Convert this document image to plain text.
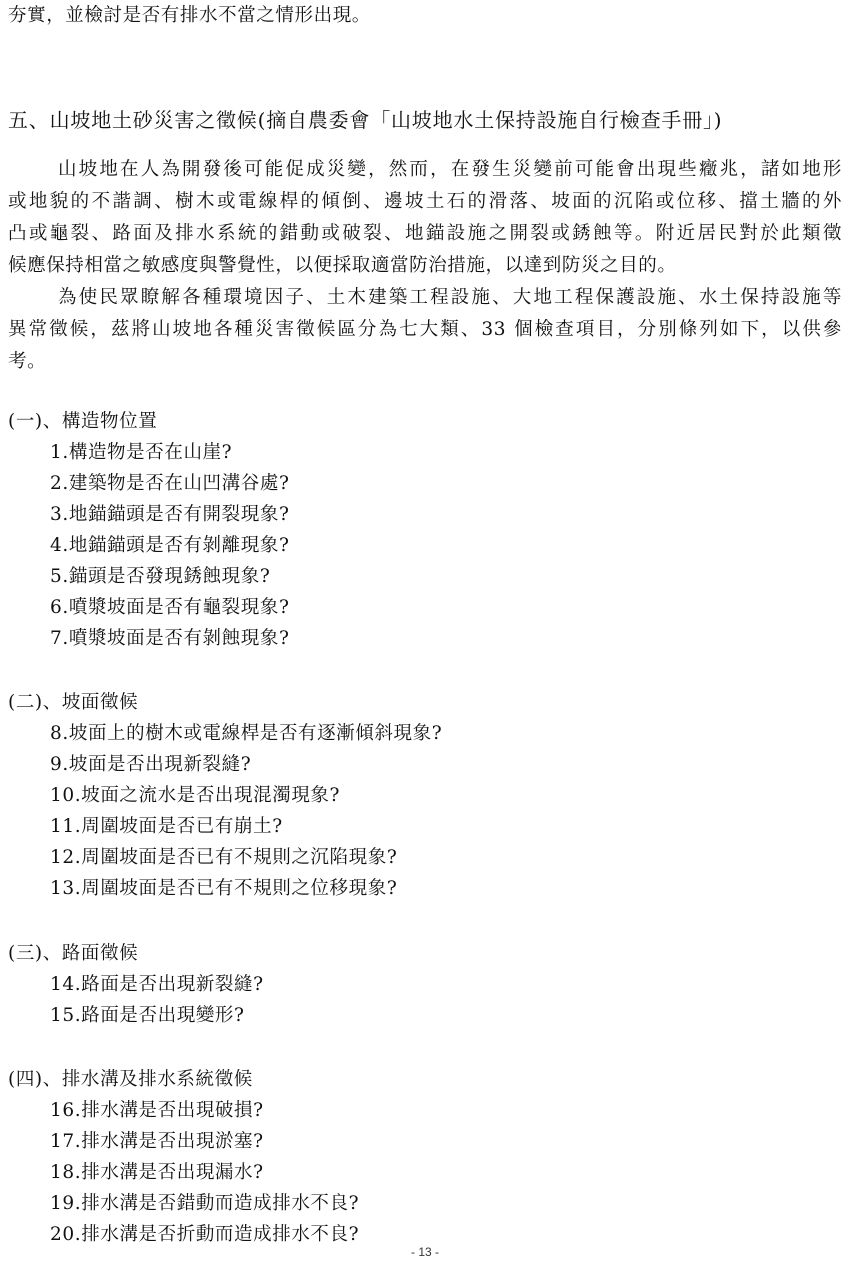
夯實，並檢討是否有排水不當之情形出現。
五、山坡地土砂災害之徵候(摘自農委會「山坡地水土保持設施自行檢查手冊」)
山坡地在人為開發後可能促成災變，然而，在發生災變前可能會出現些癥兆，諸如地形
或地貌的不諧調、樹木或電線桿的傾倒、邊坡土石的滑落、坡面的沉陷或位移、擋土牆的外
凸或龜裂、路面及排水系統的錯動或破裂、地錨設施之開裂或銹蝕等。附近居民對於此類徵
候應保持相當之敏感度與警覺性，以便採取適當防治措施，以達到防災之目的。
為使民眾瞭解各種環境因子、土木建築工程設施、大地工程保護設施、水土保持設施等
異常徵候，茲將山坡地各種災害徵候區分為七大類、33 個檢查項目，分別條列如下，以供參
考。
(一)、構造物位置
1.構造物是否在山崖?
2.建築物是否在山凹溝谷處?
3.地錨錨頭是否有開裂現象?
4.地錨錨頭是否有剝離現象?
5.錨頭是否發現銹蝕現象?
6.噴漿坡面是否有龜裂現象?
7.噴漿坡面是否有剝蝕現象?
(二)、坡面徵候
8.坡面上的樹木或電線桿是否有逐漸傾斜現象?
9.坡面是否出現新裂縫?
10.坡面之流水是否出現混濁現象?
11.周圍坡面是否已有崩土?
12.周圍坡面是否已有不規則之沉陷現象?
13.周圍坡面是否已有不規則之位移現象?
(三)、路面徵候
14.路面是否出現新裂縫?
15.路面是否出現變形?
(四)、排水溝及排水系統徵候
16.排水溝是否出現破損?
17.排水溝是否出現淤塞?
18.排水溝是否出現漏水?
19.排水溝是否錯動而造成排水不良?
20.排水溝是否折動而造成排水不良?
- 13 -
